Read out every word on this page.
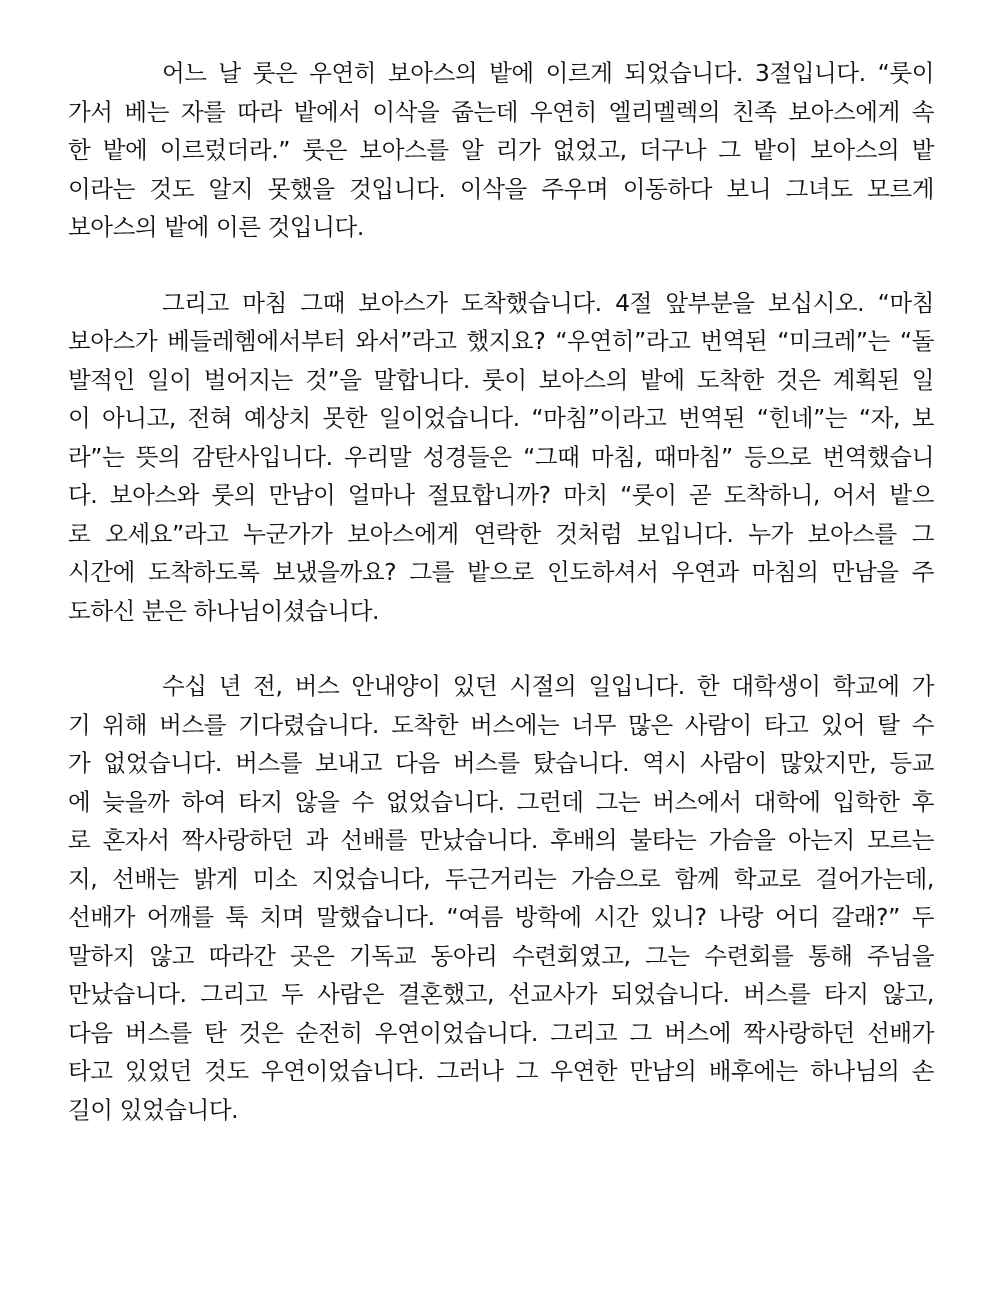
어느 날 룻은 우연히 보아스의 밭에 이르게 되었습니다. 3절입니다. “룻이
가서 베는 자를 따라 밭에서 이삭을 줍는데 우연히 엘리멜렉의 친족 보아스에게 속
한 밭에 이르렀더라.” 룻은 보아스를 알 리가 없었고, 더구나 그 밭이 보아스의 밭
이라는 것도 알지 못했을 것입니다. 이삭을 주우며 이동하다 보니 그녀도 모르게
보아스의 밭에 이른 것입니다.
그리고 마침 그때 보아스가 도착했습니다. 4절 앞부분을 보십시오. “마침
보아스가 베들레헴에서부터 와서”라고 했지요? “우연히”라고 번역된 “미크레”는 “돌
발적인 일이 벌어지는 것”을 말합니다. 룻이 보아스의 밭에 도착한 것은 계획된 일
이 아니고, 전혀 예상치 못한 일이었습니다. “마침”이라고 번역된 “힌네”는 “자, 보
라”는 뜻의 감탄사입니다. 우리말 성경들은 “그때 마침, 때마침” 등으로 번역했습니
다. 보아스와 룻의 만남이 얼마나 절묘합니까? 마치 “룻이 곧 도착하니, 어서 밭으
로 오세요”라고 누군가가 보아스에게 연락한 것처럼 보입니다. 누가 보아스를 그
시간에 도착하도록 보냈을까요? 그를 밭으로 인도하셔서 우연과 마침의 만남을 주
도하신 분은 하나님이셨습니다.
수십 년 전, 버스 안내양이 있던 시절의 일입니다. 한 대학생이 학교에 가
기 위해 버스를 기다렸습니다. 도착한 버스에는 너무 많은 사람이 타고 있어 탈 수
가 없었습니다. 버스를 보내고 다음 버스를 탔습니다. 역시 사람이 많았지만, 등교
에 늦을까 하여 타지 않을 수 없었습니다. 그런데 그는 버스에서 대학에 입학한 후
로 혼자서 짝사랑하던 과 선배를 만났습니다. 후배의 불타는 가슴을 아는지 모르는
지, 선배는 밝게 미소 지었습니다, 두근거리는 가슴으로 함께 학교로 걸어가는데,
선배가 어깨를 툭 치며 말했습니다. “여름 방학에 시간 있니? 나랑 어디 갈래?” 두
말하지 않고 따라간 곳은 기독교 동아리 수련회였고, 그는 수련회를 통해 주님을
만났습니다. 그리고 두 사람은 결혼했고, 선교사가 되었습니다. 버스를 타지 않고,
다음 버스를 탄 것은 순전히 우연이었습니다. 그리고 그 버스에 짝사랑하던 선배가
타고 있었던 것도 우연이었습니다. 그러나 그 우연한 만남의 배후에는 하나님의 손
길이 있었습니다.
